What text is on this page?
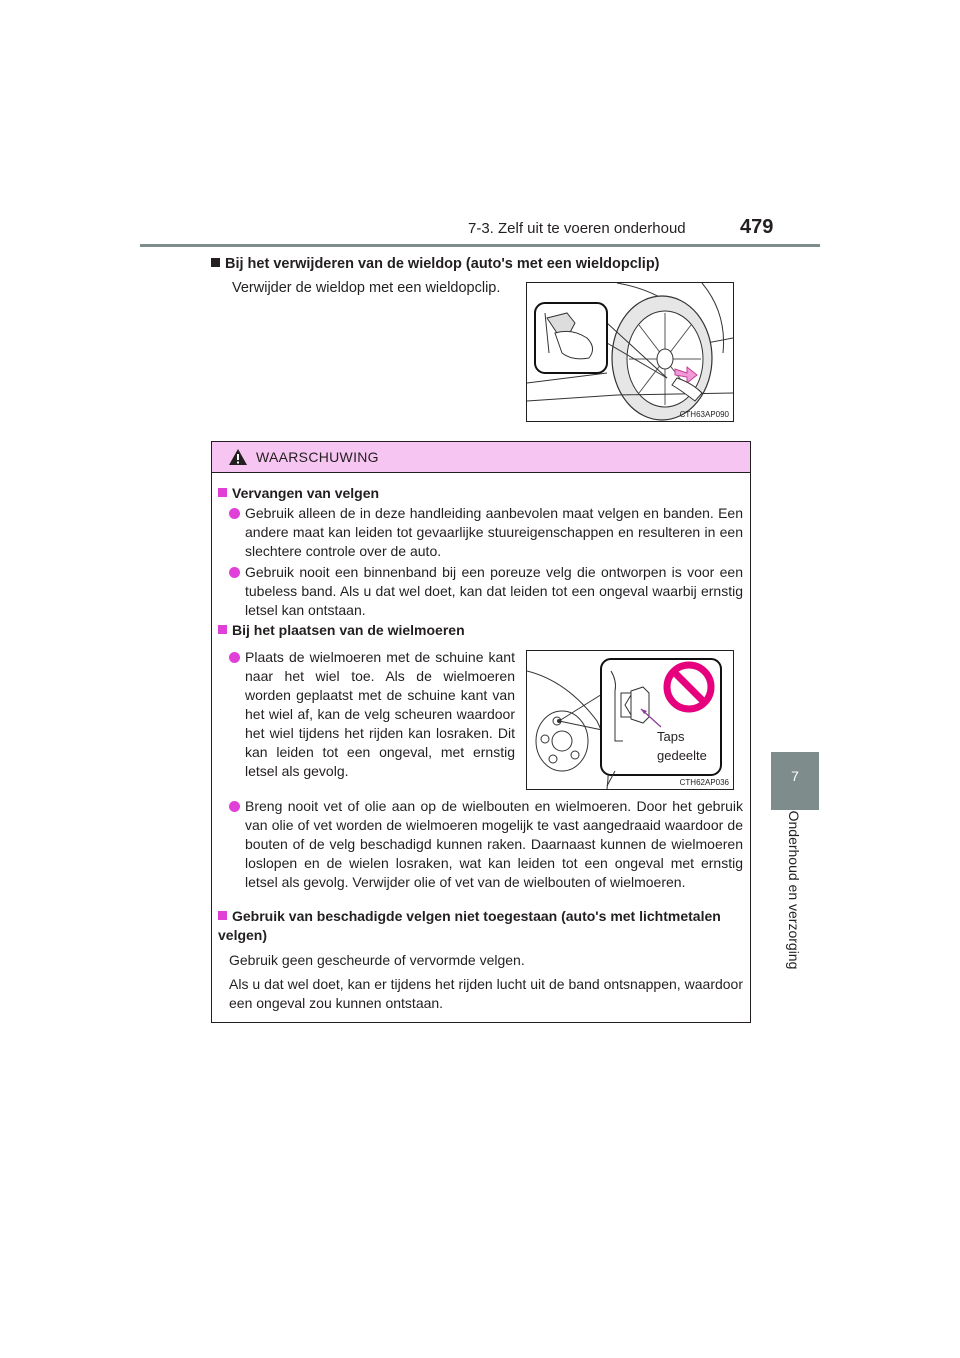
7-3. Zelf uit te voeren onderhoud	479
7
Onderhoud en verzorging
Bij het verwijderen van de wieldop (auto's met een wieldopclip)
Verwijder de wieldop met een wieldopclip.
CTH63AP090
WAARSCHUWING
Vervangen van velgen
Gebruik alleen de in deze handleiding aanbevolen maat velgen en banden. Een andere maat kan leiden tot gevaarlijke stuureigenschappen en resulteren in een slechtere controle over de auto.
Gebruik nooit een binnenband bij een poreuze velg die ontworpen is voor een tubeless band. Als u dat wel doet, kan dat leiden tot een ongeval waarbij ernstig letsel kan ontstaan.
Bij het plaatsen van de wielmoeren
Plaats de wielmoeren met de schuine kant naar het wiel toe. Als de wielmoeren worden geplaatst met de schuine kant van het wiel af, kan de velg scheuren waardoor het wiel tijdens het rijden kan losraken. Dit kan leiden tot een ongeval, met ernstig letsel als gevolg.
Breng nooit vet of olie aan op de wielbouten en wielmoeren. Door het gebruik van olie of vet worden de wielmoeren mogelijk te vast aangedraaid waardoor de bouten of de velg beschadigd kunnen raken. Daarnaast kunnen de wielmoeren loslopen en de wielen losraken, wat kan leiden tot een ongeval met ernstig letsel als gevolg. Verwijder olie of vet van de wielbouten of wielmoeren.
Gebruik van beschadigde velgen niet toegestaan (auto's met lichtmetalen velgen)
Gebruik geen gescheurde of vervormde velgen.
Als u dat wel doet, kan er tijdens het rijden lucht uit de band ontsnappen, waardoor een ongeval zou kunnen ontstaan.
Taps
gedeelte
CTH62AP036
